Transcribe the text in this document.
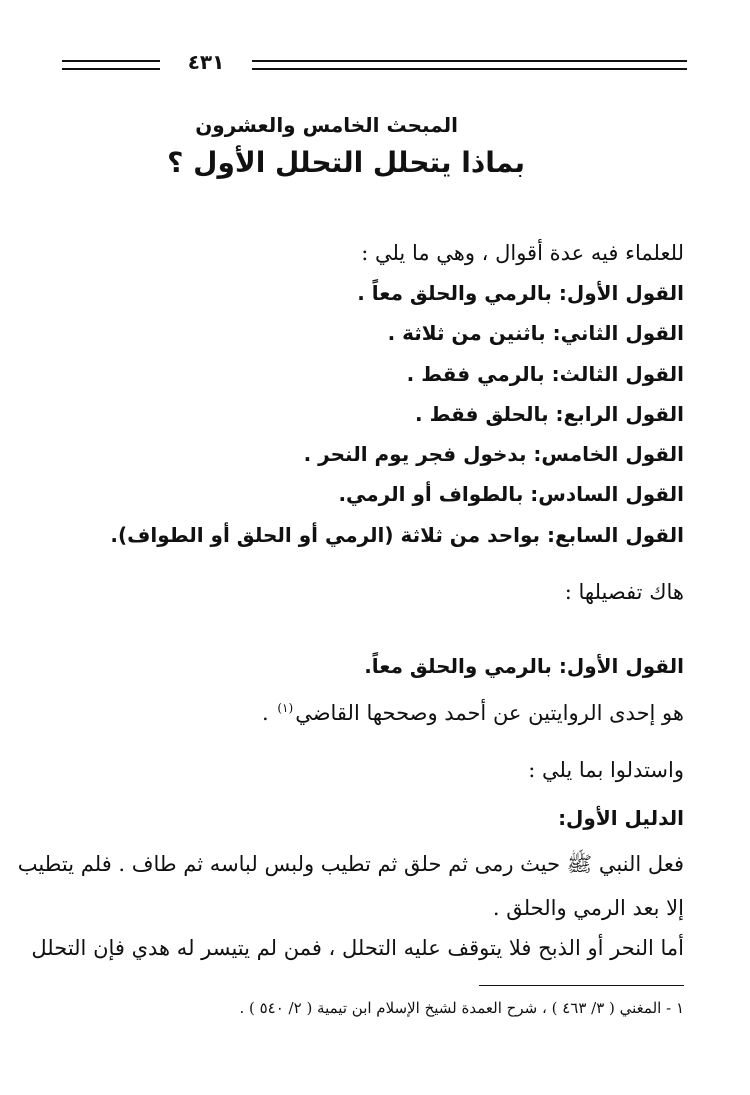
٤٣١
المبحث الخامس والعشرون
بماذا يتحلل التحلل الأول ؟
للعلماء فيه عدة أقوال ، وهي ما يلي :
القول الأول: بالرمي والحلق معاً .
القول الثاني: باثنين من ثلاثة .
القول الثالث: بالرمي فقط .
القول الرابع: بالحلق فقط .
القول الخامس: بدخول فجر يوم النحر .
القول السادس: بالطواف أو الرمي.
القول السابع: بواحد من ثلاثة (الرمي أو الحلق أو الطواف).
هاك تفصيلها :
القول الأول: بالرمي والحلق معاً.
هو إحدى الروايتين عن أحمد وصححها القاضي$^{(١)}$ .
واستدلوا بما يلي :
الدليل الأول:
فعل النبي ﷺ حيث رمى ثم حلق ثم تطيب ولبس لباسه ثم طاف . فلم يتطيب
إلا بعد الرمي والحلق .
أما النحر أو الذبح فلا يتوقف عليه التحلل ، فمن لم يتيسر له هدي فإن التحلل
١ - المغني ( ٣/ ٤٦٣ ) ، شرح العمدة لشيخ الإسلام ابن تيمية ( ٢/ ٥٤٠ ) .
